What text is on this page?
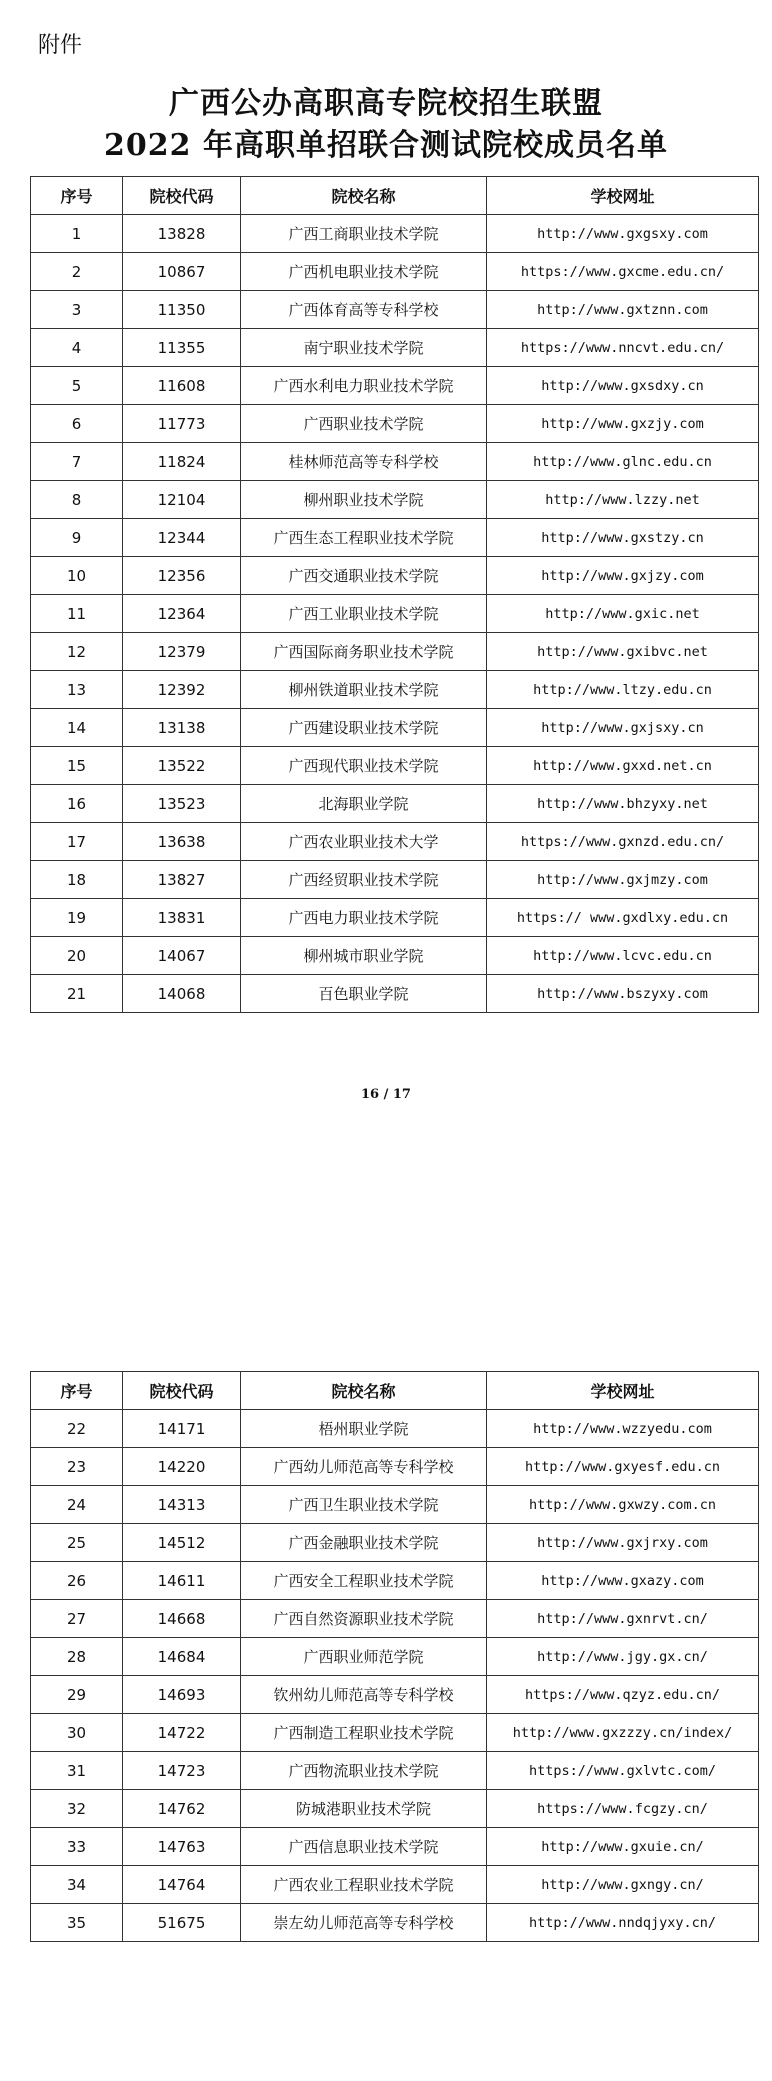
附件
广西公办高职高专院校招生联盟
2022 年高职单招联合测试院校成员名单
序号	院校代码	院校名称	学校网址
1	13828	广西工商职业技术学院	http://www.gxgsxy.com
2	10867	广西机电职业技术学院	https://www.gxcme.edu.cn/
3	11350	广西体育高等专科学校	http://www.gxtznn.com
4	11355	南宁职业技术学院	https://www.nncvt.edu.cn/
5	11608	广西水利电力职业技术学院	http://www.gxsdxy.cn
6	11773	广西职业技术学院	http://www.gxzjy.com
7	11824	桂林师范高等专科学校	http://www.glnc.edu.cn
8	12104	柳州职业技术学院	http://www.lzzy.net
9	12344	广西生态工程职业技术学院	http://www.gxstzy.cn
10	12356	广西交通职业技术学院	http://www.gxjzy.com
11	12364	广西工业职业技术学院	http://www.gxic.net
12	12379	广西国际商务职业技术学院	http://www.gxibvc.net
13	12392	柳州铁道职业技术学院	http://www.ltzy.edu.cn
14	13138	广西建设职业技术学院	http://www.gxjsxy.cn
15	13522	广西现代职业技术学院	http://www.gxxd.net.cn
16	13523	北海职业学院	http://www.bhzyxy.net
17	13638	广西农业职业技术大学	https://www.gxnzd.edu.cn/
18	13827	广西经贸职业技术学院	http://www.gxjmzy.com
19	13831	广西电力职业技术学院	https:// www.gxdlxy.edu.cn
20	14067	柳州城市职业学院	http://www.lcvc.edu.cn
21	14068	百色职业学院	http://www.bszyxy.com
16 / 17
序号	院校代码	院校名称	学校网址
22	14171	梧州职业学院	http://www.wzzyedu.com
23	14220	广西幼儿师范高等专科学校	http://www.gxyesf.edu.cn
24	14313	广西卫生职业技术学院	http://www.gxwzy.com.cn
25	14512	广西金融职业技术学院	http://www.gxjrxy.com
26	14611	广西安全工程职业技术学院	http://www.gxazy.com
27	14668	广西自然资源职业技术学院	http://www.gxnrvt.cn/
28	14684	广西职业师范学院	http://www.jgy.gx.cn/
29	14693	钦州幼儿师范高等专科学校	https://www.qzyz.edu.cn/
30	14722	广西制造工程职业技术学院	http://www.gxzzzy.cn/index/
31	14723	广西物流职业技术学院	https://www.gxlvtc.com/
32	14762	防城港职业技术学院	https://www.fcgzy.cn/
33	14763	广西信息职业技术学院	http://www.gxuie.cn/
34	14764	广西农业工程职业技术学院	http://www.gxngy.cn/
35	51675	崇左幼儿师范高等专科学校	http://www.nndqjyxy.cn/
